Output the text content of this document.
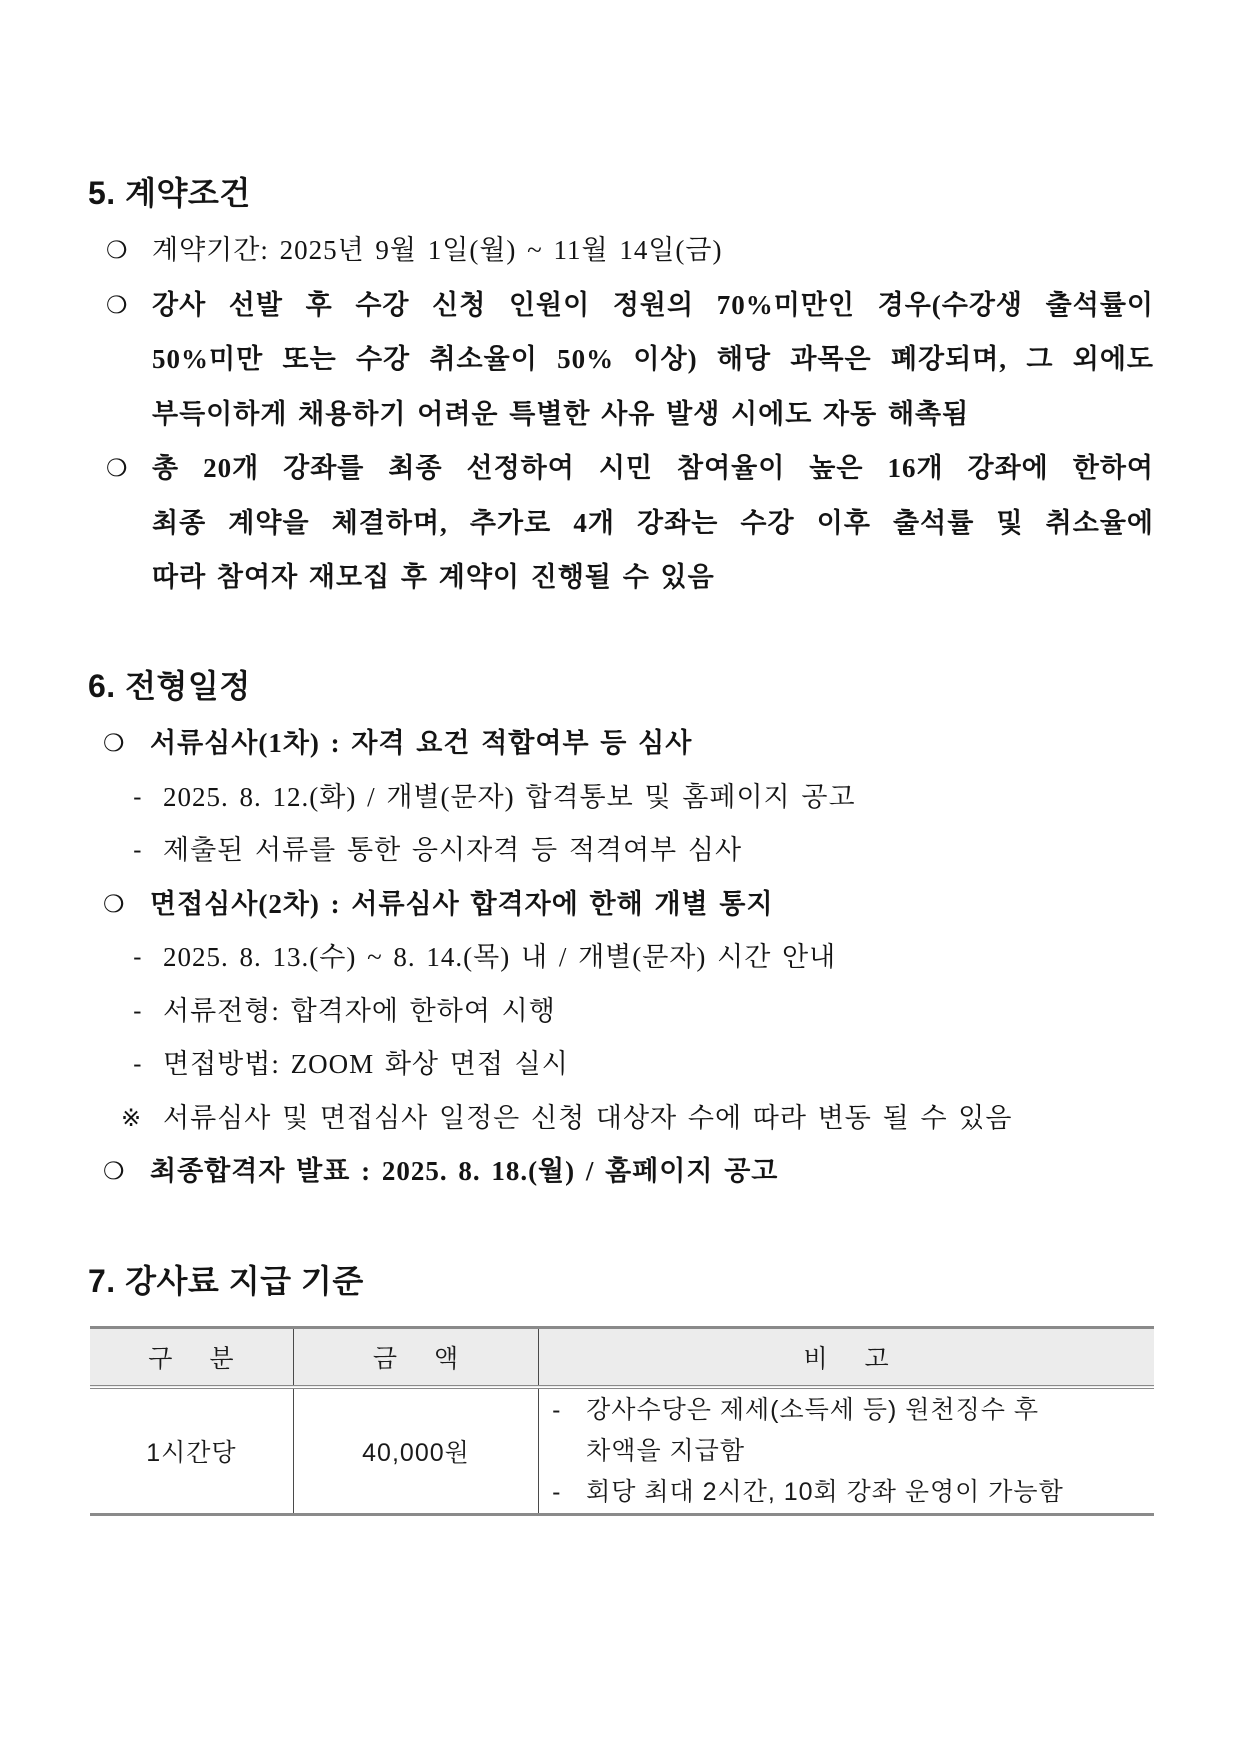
5. 계약조건
❍ 계약기간: 2025년 9월 1일(월) ~ 11월 14일(금)
❍ 강사 선발 후 수강 신청 인원이 정원의 70%미만인 경우(수강생 출석률이
50%미만 또는 수강 취소율이 50% 이상) 해당 과목은 폐강되며, 그 외에도
부득이하게 채용하기 어려운 특별한 사유 발생 시에도 자동 해촉됨
❍ 총 20개 강좌를 최종 선정하여 시민 참여율이 높은 16개 강좌에 한하여
최종 계약을 체결하며, 추가로 4개 강좌는 수강 이후 출석률 및 취소율에
따라 참여자 재모집 후 계약이 진행될 수 있음
6. 전형일정
❍ 서류심사(1차) : 자격 요건 적합여부 등 심사
- 2025. 8. 12.(화) / 개별(문자) 합격통보 및 홈페이지 공고
- 제출된 서류를 통한 응시자격 등 적격여부 심사
❍ 면접심사(2차) : 서류심사 합격자에 한해 개별 통지
- 2025. 8. 13.(수) ~ 8. 14.(목) 내 / 개별(문자) 시간 안내
- 서류전형: 합격자에 한하여 시행
- 면접방법: ZOOM 화상 면접 실시
※ 서류심사 및 면접심사 일정은 신청 대상자 수에 따라 변동 될 수 있음
❍ 최종합격자 발표 : 2025. 8. 18.(월) / 홈페이지 공고
7. 강사료 지급 기준
구 분	금 액	비 고
1시간당	40,000원	- 강사수당은 제세(소득세 등) 원천징수 후
차액을 지급함
- 회당 최대 2시간, 10회 강좌 운영이 가능함
